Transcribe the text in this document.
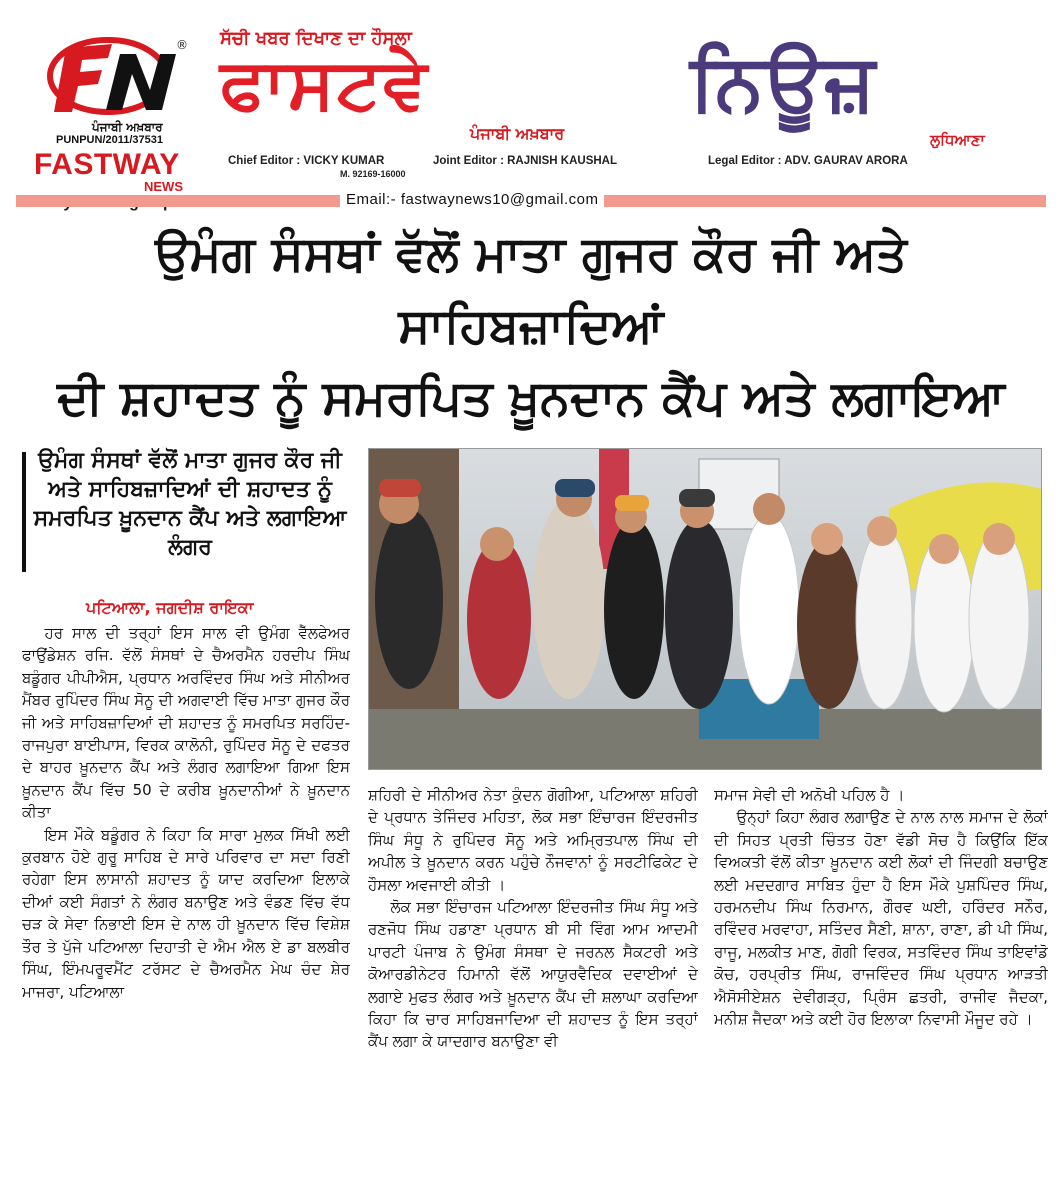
®
ਪੰਜਾਬੀ ਅਖ਼ਬਾਰ
PUNPUN/2011/37531
FASTWAY
NEWS
ਸੱਚੀ ਖਬਰ ਦਿਖਾਣ ਦਾ ਹੌਸਲਾ
ਫਾਸਟਵੇ	ਨਿਊਜ਼
ਪੰਜਾਬੀ ਅਖ਼ਬਾਰ	ਲੁਧਿਆਣਾ
Chief Editor : VICKY KUMAR
M. 92169-16000
Joint Editor : RAJNISH KAUSHAL	Legal Editor : ADV. GAURAV ARORA
Email:- fastwaynews10@gmail.com
ਉਮੰਗ ਸੰਸਥਾਂ ਵੱਲੋਂ ਮਾਤਾ ਗੁਜਰ ਕੌਰ ਜੀ ਅਤੇ ਸਾਹਿਬਜ਼ਾਦਿਆਂ
ਦੀ ਸ਼ਹਾਦਤ ਨੂੰ ਸਮਰਪਿਤ ਖ਼ੂਨਦਾਨ ਕੈਂਪ ਅਤੇ ਲਗਾਇਆ
ਉਮੰਗ ਸੰਸਥਾਂ ਵੱਲੋਂ ਮਾਤਾ ਗੁਜਰ ਕੌਰ ਜੀ ਅਤੇ ਸਾਹਿਬਜ਼ਾਦਿਆਂ ਦੀ ਸ਼ਹਾਦਤ ਨੂੰ ਸਮਰਪਿਤ ਖ਼ੂਨਦਾਨ ਕੈਂਪ ਅਤੇ ਲਗਾਇਆ ਲੰਗਰ
ਪਟਿਆਲਾ, ਜਗਦੀਸ਼ ਰਾਇਕਾ

ਹਰ ਸਾਲ ਦੀ ਤਰ੍ਹਾਂ ਇਸ ਸਾਲ ਵੀ ਉਮੰਗ ਵੈੱਲਫੇਅਰ ਫਾਉਂਡੇਸ਼ਨ ਰਜਿ. ਵੱਲੋਂ ਸੰਸਥਾਂ ਦੇ ਚੈਅਰਮੈਨ ਹਰਦੀਪ ਸਿੰਘ ਬਡੂੰਗਰ ਪੀਪੀਐਸ, ਪ੍ਰਧਾਨ ਅਰਵਿੰਦਰ ਸਿੰਘ ਅਤੇ ਸੀਨੀਅਰ ਮੈਂਬਰ ਰੁਪਿੰਦਰ ਸਿੰਘ ਸੋਨੂ ਦੀ ਅਗਵਾਈ ਵਿੱਚ ਮਾਤਾ ਗੁਜਰ ਕੌਰ ਜੀ ਅਤੇ ਸਾਹਿਬਜ਼ਾਦਿਆਂ ਦੀ ਸ਼ਹਾਦਤ ਨੂੰ ਸਮਰਪਿਤ ਸਰਹਿੰਦ- ਰਾਜਪੁਰਾ ਬਾਈਪਾਸ, ਵਿਰਕ ਕਾਲੋਨੀ, ਰੁਪਿੰਦਰ ਸੋਨੂ ਦੇ ਦਫਤਰ ਦੇ ਬਾਹਰ ਖ਼ੂਨਦਾਨ ਕੈਂਪ ਅਤੇ ਲੰਗਰ ਲਗਾਇਆ ਗਿਆ ਇਸ ਖ਼ੂਨਦਾਨ ਕੈਂਪ ਵਿੱਚ 50 ਦੇ ਕਰੀਬ ਖ਼ੂਨਦਾਨੀਆਂ ਨੇ ਖ਼ੂਨਦਾਨ ਕੀਤਾ

ਇਸ ਮੌਕੇ ਬਡੂੰਗਰ ਨੇ ਕਿਹਾ ਕਿ ਸਾਰਾ ਮੁਲਕ ਸਿੱਖੀ ਲਈ ਕੁਰਬਾਨ ਹੋਏ ਗੁਰੂ ਸਾਹਿਬ ਦੇ ਸਾਰੇ ਪਰਿਵਾਰ ਦਾ ਸਦਾ ਰਿਣੀ ਰਹੇਗਾ ਇਸ ਲਾਸਾਨੀ ਸ਼ਹਾਦਤ ਨੂੰ ਯਾਦ ਕਰਦਿਆ ਇਲਾਕੇ ਦੀਆਂ ਕਈ ਸੰਗਤਾਂ ਨੇ ਲੰਗਰ ਬਨਾਉਣ ਅਤੇ ਵੰਡਣ ਵਿੱਚ ਵੱਧ ਚੜ ਕੇ ਸੇਵਾ ਨਿਭਾਈ ਇਸ ਦੇ ਨਾਲ ਹੀ ਖ਼ੂਨਦਾਨ ਵਿੱਚ ਵਿਸ਼ੇਸ਼ ਤੌਰ ਤੇ ਪੁੱਜੇ ਪਟਿਆਲਾ ਦਿਹਾਤੀ ਦੇ ਐਮ ਐਲ ਏ ਡਾ ਬਲਬੀਰ ਸਿੰਘ, ਇੰਮਪਰੂਵਮੈਂਟ ਟਰੱਸਟ ਦੇ ਚੈਅਰਮੈਨ ਮੇਘ ਚੰਦ ਸ਼ੇਰ ਮਾਜਰਾ, ਪਟਿਆਲਾ

ਸ਼ਹਿਰੀ ਦੇ ਸੀਨੀਅਰ ਨੇਤਾ ਕੁੰਦਨ ਗੋਗੀਆ, ਪਟਿਆਲਾ ਸ਼ਹਿਰੀ ਦੇ ਪ੍ਰਧਾਨ ਤੇਜਿੰਦਰ ਮਹਿਤਾ, ਲੋਕ ਸਭਾ ਇੰਚਾਰਜ ਇੰਦਰਜੀਤ ਸਿੰਘ ਸੰਧੂ ਨੇ ਰੁਪਿੰਦਰ ਸੋਨੂ ਅਤੇ ਅਮ੍ਰਿਤਪਾਲ ਸਿੰਘ ਦੀ ਅਪੀਲ ਤੇ ਖ਼ੂਨਦਾਨ ਕਰਨ ਪਹੁੰਚੇ ਨੌਜਵਾਨਾਂ ਨੂੰ ਸਰਟੀਫਿਕੇਟ ਦੇ ਹੌਸਲਾ ਅਵਜਾਈ ਕੀਤੀ ।

ਲੋਕ ਸਭਾ ਇੰਚਾਰਜ ਪਟਿਆਲਾ ਇੰਦਰਜੀਤ ਸਿੰਘ ਸੰਧੂ ਅਤੇ ਰਣਜੋਧ ਸਿੰਘ ਹਡਾਣਾ ਪ੍ਰਧਾਨ ਬੀ ਸੀ ਵਿੰਗ ਆਮ ਆਦਮੀ ਪਾਰਟੀ ਪੰਜਾਬ ਨੇ ਉਮੰਗ ਸੰਸਥਾ ਦੇ ਜਰਨਲ ਸੈਕਟਰੀ ਅਤੇ ਕੋਆਰਡੀਨੇਟਰ ਹਿਮਾਨੀ ਵੱਲੋਂ ਆਯੁਰਵੈਦਿਕ ਦਵਾਈਆਂ ਦੇ ਲਗਾਏ ਮੁਫਤ ਲੰਗਰ ਅਤੇ ਖ਼ੂਨਦਾਨ ਕੈਂਪ ਦੀ ਸ਼ਲਾਘਾ ਕਰਦਿਆ ਕਿਹਾ ਕਿ ਚਾਰ ਸਾਹਿਬਜਾਦਿਆ ਦੀ ਸ਼ਹਾਦਤ ਨੂੰ ਇਸ ਤਰ੍ਹਾਂ ਕੈਂਪ ਲਗਾ ਕੇ ਯਾਦਗਾਰ ਬਨਾਉਣਾ ਵੀ

ਸਮਾਜ ਸੇਵੀ ਦੀ ਅਨੋਖੀ ਪਹਿਲ ਹੈ ।

ਉਨ੍ਹਾਂ ਕਿਹਾ ਲੰਗਰ ਲਗਾਉਣ ਦੇ ਨਾਲ ਨਾਲ ਸਮਾਜ ਦੇ ਲੋਕਾਂ ਦੀ ਸਿਹਤ ਪ੍ਰਤੀ ਚਿੰਤਤ ਹੋਣਾ ਵੱਡੀ ਸੋਚ ਹੈ ਕਿਉਂਕਿ ਇੱਕ ਵਿਅਕਤੀ ਵੱਲੋਂ ਕੀਤਾ ਖ਼ੂਨਦਾਨ ਕਈ ਲੋਕਾਂ ਦੀ ਜਿੰਦਗੀ ਬਚਾਉਣ ਲਈ ਮਦਦਗਾਰ ਸਾਬਿਤ ਹੁੰਦਾ ਹੈ ਇਸ ਮੌਕੇ ਪੁਸ਼ਪਿੰਦਰ ਸਿੰਘ, ਹਰਮਨਦੀਪ ਸਿੰਘ ਨਿਰਮਾਨ, ਗੌਰਵ ਘਈ, ਹਰਿੰਦਰ ਸਨੌਰ, ਰਵਿੰਦਰ ਮਰਵਾਹਾ, ਸਤਿੰਦਰ ਸੈਣੀ, ਸ਼ਾਨਾ, ਰਾਣਾ, ਡੀ ਪੀ ਸਿੰਘ, ਰਾਜੂ, ਮਲਕੀਤ ਮਾਣ, ਗੋਗੀ ਵਿਰਕ, ਸਤਵਿੰਦਰ ਸਿੰਘ ਤਾਇਵਾਂਡੋ ਕੋਚ, ਹਰਪ੍ਰੀਤ ਸਿੰਘ, ਰਾਜਵਿੰਦਰ ਸਿੰਘ ਪ੍ਰਧਾਨ ਆੜਤੀ ਐਸੋਸੀਏਸ਼ਨ ਦੇਵੀਗੜ੍ਹ, ਪ੍ਰਿੰਸ ਛਤਰੀ, ਰਾਜੀਵ ਜੈਦਕਾ, ਮਨੀਸ਼ ਜੈਦਕਾ ਅਤੇ ਕਈ ਹੋਰ ਇਲਾਕਾ ਨਿਵਾਸੀ ਮੌਜੂਦ ਰਹੇ ।
